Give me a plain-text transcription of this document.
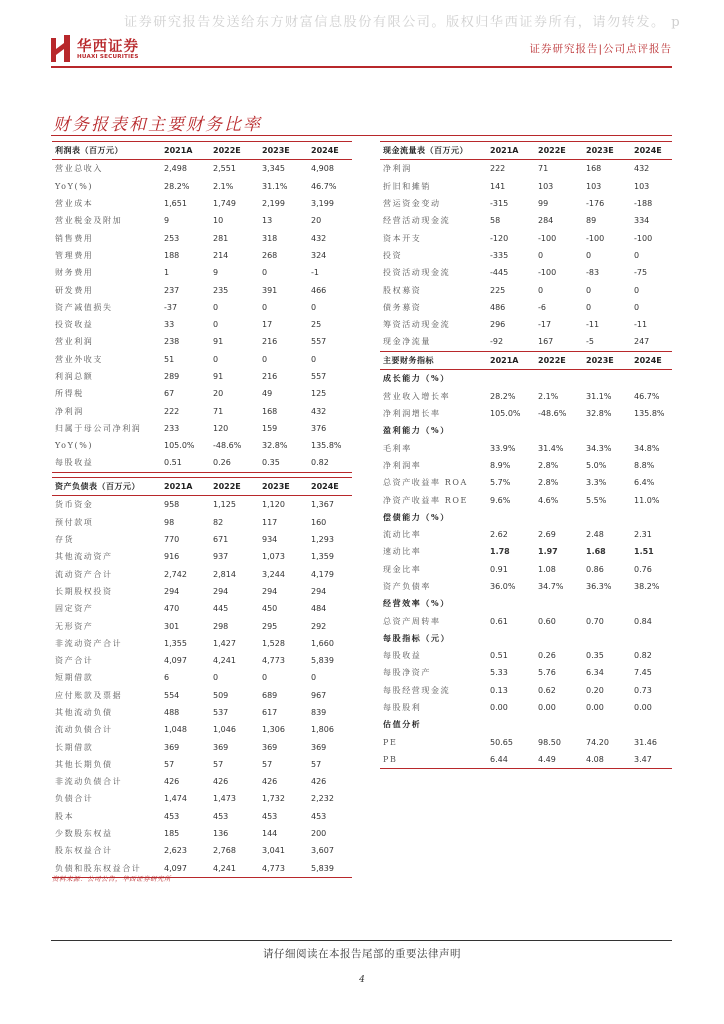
证券研究报告发送给东方财富信息股份有限公司。版权归华西证券所有，请勿转发。 p
华西证券
HUAXI SECURITIES
证券研究报告|公司点评报告
财务报表和主要财务比率
利润表（百万元）	2021A	2022E	2023E	2024E
营业总收入	2,498	2,551	3,345	4,908
YoY(%)	28.2%	2.1%	31.1%	46.7%
营业成本	1,651	1,749	2,199	3,199
营业税金及附加	9	10	13	20
销售费用	253	281	318	432
管理费用	188	214	268	324
财务费用	1	9	0	-1
研发费用	237	235	391	466
资产减值损失	-37	0	0	0
投资收益	33	0	17	25
营业利润	238	91	216	557
营业外收支	51	0	0	0
利润总额	289	91	216	557
所得税	67	20	49	125
净利润	222	71	168	432
归属于母公司净利润	233	120	159	376
YoY(%)	105.0%	-48.6%	32.8%	135.8%
每股收益	0.51	0.26	0.35	0.82
资产负债表（百万元）	2021A	2022E	2023E	2024E
货币资金	958	1,125	1,120	1,367
预付款项	98	82	117	160
存货	770	671	934	1,293
其他流动资产	916	937	1,073	1,359
流动资产合计	2,742	2,814	3,244	4,179
长期股权投资	294	294	294	294
固定资产	470	445	450	484
无形资产	301	298	295	292
非流动资产合计	1,355	1,427	1,528	1,660
资产合计	4,097	4,241	4,773	5,839
短期借款	6	0	0	0
应付账款及票据	554	509	689	967
其他流动负债	488	537	617	839
流动负债合计	1,048	1,046	1,306	1,806
长期借款	369	369	369	369
其他长期负债	57	57	57	57
非流动负债合计	426	426	426	426
负债合计	1,474	1,473	1,732	2,232
股本	453	453	453	453
少数股东权益	185	136	144	200
股东权益合计	2,623	2,768	3,041	3,607
负债和股东权益合计	4,097	4,241	4,773	5,839
现金流量表（百万元）	2021A	2022E	2023E	2024E
净利润	222	71	168	432
折旧和摊销	141	103	103	103
营运资金变动	-315	99	-176	-188
经营活动现金流	58	284	89	334
资本开支	-120	-100	-100	-100
投资	-335	0	0	0
投资活动现金流	-445	-100	-83	-75
股权募资	225	0	0	0
债务募资	486	-6	0	0
筹资活动现金流	296	-17	-11	-11
现金净流量	-92	167	-5	247
主要财务指标	2021A	2022E	2023E	2024E
成长能力（%）				
营业收入增长率	28.2%	2.1%	31.1%	46.7%
净利润增长率	105.0%	-48.6%	32.8%	135.8%
盈利能力（%）				
毛利率	33.9%	31.4%	34.3%	34.8%
净利润率	8.9%	2.8%	5.0%	8.8%
总资产收益率 ROA	5.7%	2.8%	3.3%	6.4%
净资产收益率 ROE	9.6%	4.6%	5.5%	11.0%
偿债能力（%）				
流动比率	2.62	2.69	2.48	2.31
速动比率	1.78	1.97	1.68	1.51
现金比率	0.91	1.08	0.86	0.76
资产负债率	36.0%	34.7%	36.3%	38.2%
经营效率（%）				
总资产周转率	0.61	0.60	0.70	0.84
每股指标（元）				
每股收益	0.51	0.26	0.35	0.82
每股净资产	5.33	5.76	6.34	7.45
每股经营现金流	0.13	0.62	0.20	0.73
每股股利	0.00	0.00	0.00	0.00
估值分析				
PE	50.65	98.50	74.20	31.46
PB	6.44	4.49	4.08	3.47
资料来源：公司公告，华西证券研究所
请仔细阅读在本报告尾部的重要法律声明
4
